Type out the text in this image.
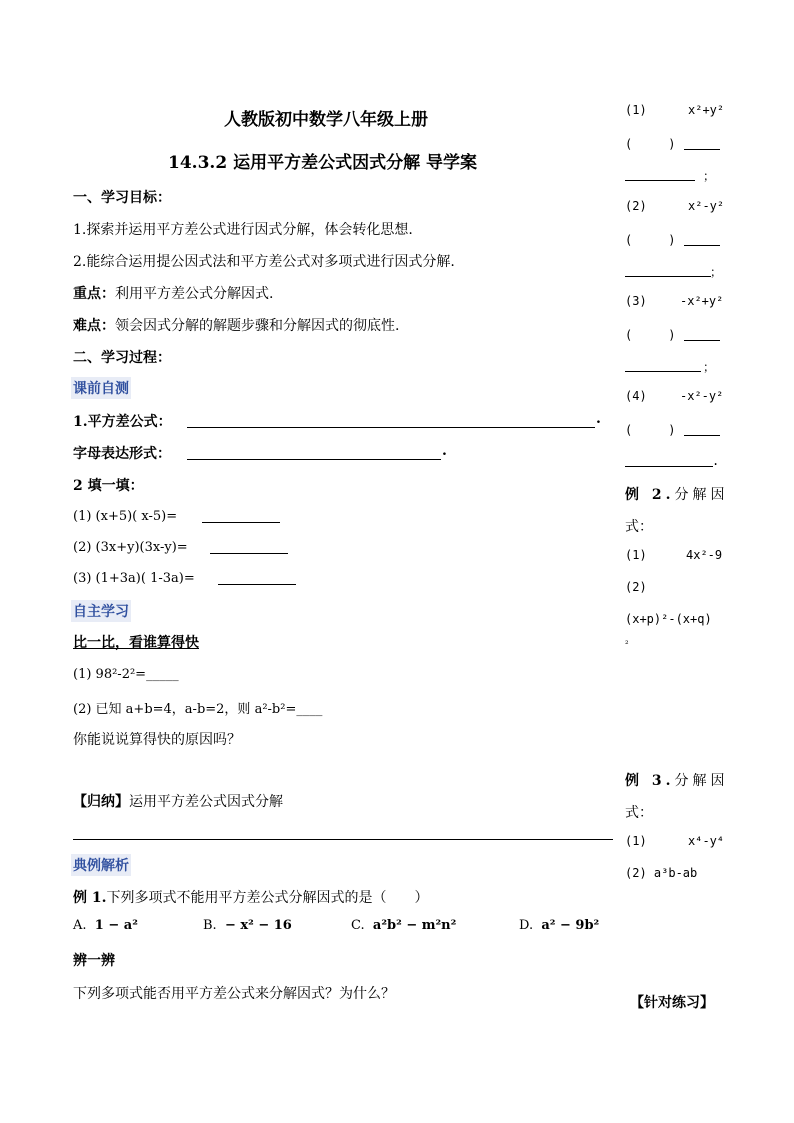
人教版初中数学八年级上册
14.3.2 运用平方差公式因式分解 导学案
一、学习目标：
1.探索并运用平方差公式进行因式分解，体会转化思想.
2.能综合运用提公因式法和平方差公式对多项式进行因式分解.
重点：利用平方差公式分解因式.
难点：领会因式分解的解题步骤和分解因式的彻底性.
二、学习过程：
课前自测
1.平方差公式：	.
字母表达形式：	.
2 填一填：
(1) (x+5)( x-5)=
(2) (3x+y)(3x-y)=
(3) (1+3a)( 1-3a)=
自主学习
比一比，看谁算得快
(1) 98²-2²=_____
(2) 已知 a+b=4，a-b=2，则 a²-b²=____
你能说说算得快的原因吗？
【归纳】运用平方差公式因式分解
典例解析
例 1.下列多项式不能用平方差公式分解因式的是（　　）
A. 1 − a²	B. − x² − 16	C. a²b² − m²n²	D. a² − 9b²
辨一辨
下列多项式能否用平方差公式来分解因式？为什么？
(1)	x²+y²
(　　　)
；
(2)	x²-y²
(　　　)
；
(3)	-x²+y²
(　　　)
；
(4)	-x²-y²
(　　　)
.
例 2.分解因
式：
(1)	4x²-9
(2)
(x+p)²-(x+q)
²
例 3.分解因
式：
(1)	x⁴-y⁴
(2) a³b-ab
【针对练习】
